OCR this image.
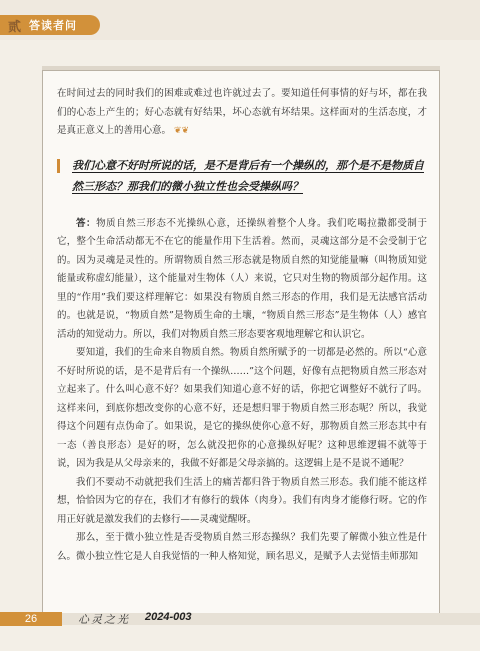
贰 答读者问

在时间过去的同时我们的困难或难过也许就过去了。要知道任何事情的好与坏，都在我们的心态上产生的；好心态就有好结果，坏心态就有坏结果。这样面对的生活态度，才是真正意义上的善用心意。 ❦❦

我们心意不好时所说的话，是不是背后有一个操纵的，那个是不是物质自然三形态？那我们的微小独立性也会受操纵吗？

答：物质自然三形态不光操纵心意，还操纵着整个人身。我们吃喝拉撒都受制于它，整个生命活动都无不在它的能量作用下生活着。然而，灵魂这部分是不会受制于它的。因为灵魂是灵性的。所谓物质自然三形态就是物质自然的知觉能量嘛（叫物质知觉能量或称虚幻能量），这个能量对生物体（人）来说，它只对生物的物质部分起作用。这里的“作用”我们要这样理解它：如果没有物质自然三形态的作用，我们是无法感官活动的。也就是说，“物质自然”是物质生命的土壤，“物质自然三形态”是生物体（人）感官活动的知觉动力。所以，我们对物质自然三形态要客观地理解它和认识它。

要知道，我们的生命来自物质自然。物质自然所赋予的一切都是必然的。所以“心意不好时所说的话，是不是背后有一个操纵……”这个问题，好像有点把物质自然三形态对立起来了。什么叫心意不好？如果我们知道心意不好的话，你把它调整好不就行了吗。这样来问，到底你想改变你的心意不好，还是想归罪于物质自然三形态呢？所以，我觉得这个问题有点伪命了。如果说，是它的操纵使你心意不好，那物质自然三形态其中有一态（善良形态）是好的呀，怎么就没把你的心意操纵好呢？这种思维逻辑不就等于说，因为我是从父母亲来的，我做不好都是父母亲搞的。这逻辑上是不是说不通呢？

我们不要动不动就把我们生活上的痛苦都归咎于物质自然三形态。我们能不能这样想，恰恰因为它的存在，我们才有修行的载体（肉身）。我们有肉身才能修行呀。它的作用正好就是激发我们的去修行——灵魂觉醒呀。

那么，至于微小独立性是否受物质自然三形态操纵？我们先要了解微小独立性是什么。微小独立性它是人自我觉悟的一种人格知觉，顾名思义，是赋予人去觉悟圭师那知

26	心灵之光 2024-003
